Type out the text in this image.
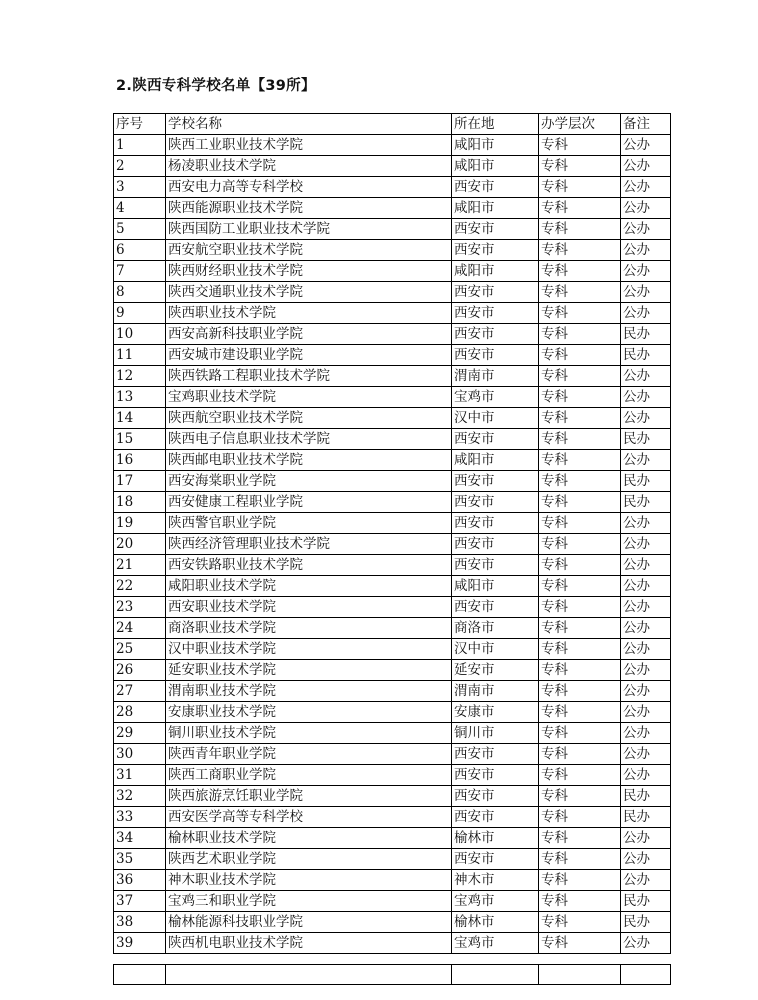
2.陕西专科学校名单【39所】
序号	学校名称	所在地	办学层次	备注
1	陕西工业职业技术学院	咸阳市	专科	公办
2	杨凌职业技术学院	咸阳市	专科	公办
3	西安电力高等专科学校	西安市	专科	公办
4	陕西能源职业技术学院	咸阳市	专科	公办
5	陕西国防工业职业技术学院	西安市	专科	公办
6	西安航空职业技术学院	西安市	专科	公办
7	陕西财经职业技术学院	咸阳市	专科	公办
8	陕西交通职业技术学院	西安市	专科	公办
9	陕西职业技术学院	西安市	专科	公办
10	西安高新科技职业学院	西安市	专科	民办
11	西安城市建设职业学院	西安市	专科	民办
12	陕西铁路工程职业技术学院	渭南市	专科	公办
13	宝鸡职业技术学院	宝鸡市	专科	公办
14	陕西航空职业技术学院	汉中市	专科	公办
15	陕西电子信息职业技术学院	西安市	专科	民办
16	陕西邮电职业技术学院	咸阳市	专科	公办
17	西安海棠职业学院	西安市	专科	民办
18	西安健康工程职业学院	西安市	专科	民办
19	陕西警官职业学院	西安市	专科	公办
20	陕西经济管理职业技术学院	西安市	专科	公办
21	西安铁路职业技术学院	西安市	专科	公办
22	咸阳职业技术学院	咸阳市	专科	公办
23	西安职业技术学院	西安市	专科	公办
24	商洛职业技术学院	商洛市	专科	公办
25	汉中职业技术学院	汉中市	专科	公办
26	延安职业技术学院	延安市	专科	公办
27	渭南职业技术学院	渭南市	专科	公办
28	安康职业技术学院	安康市	专科	公办
29	铜川职业技术学院	铜川市	专科	公办
30	陕西青年职业学院	西安市	专科	公办
31	陕西工商职业学院	西安市	专科	公办
32	陕西旅游烹饪职业学院	西安市	专科	民办
33	西安医学高等专科学校	西安市	专科	民办
34	榆林职业技术学院	榆林市	专科	公办
35	陕西艺术职业学院	西安市	专科	公办
36	神木职业技术学院	神木市	专科	公办
37	宝鸡三和职业学院	宝鸡市	专科	民办
38	榆林能源科技职业学院	榆林市	专科	民办
39	陕西机电职业技术学院	宝鸡市	专科	公办
